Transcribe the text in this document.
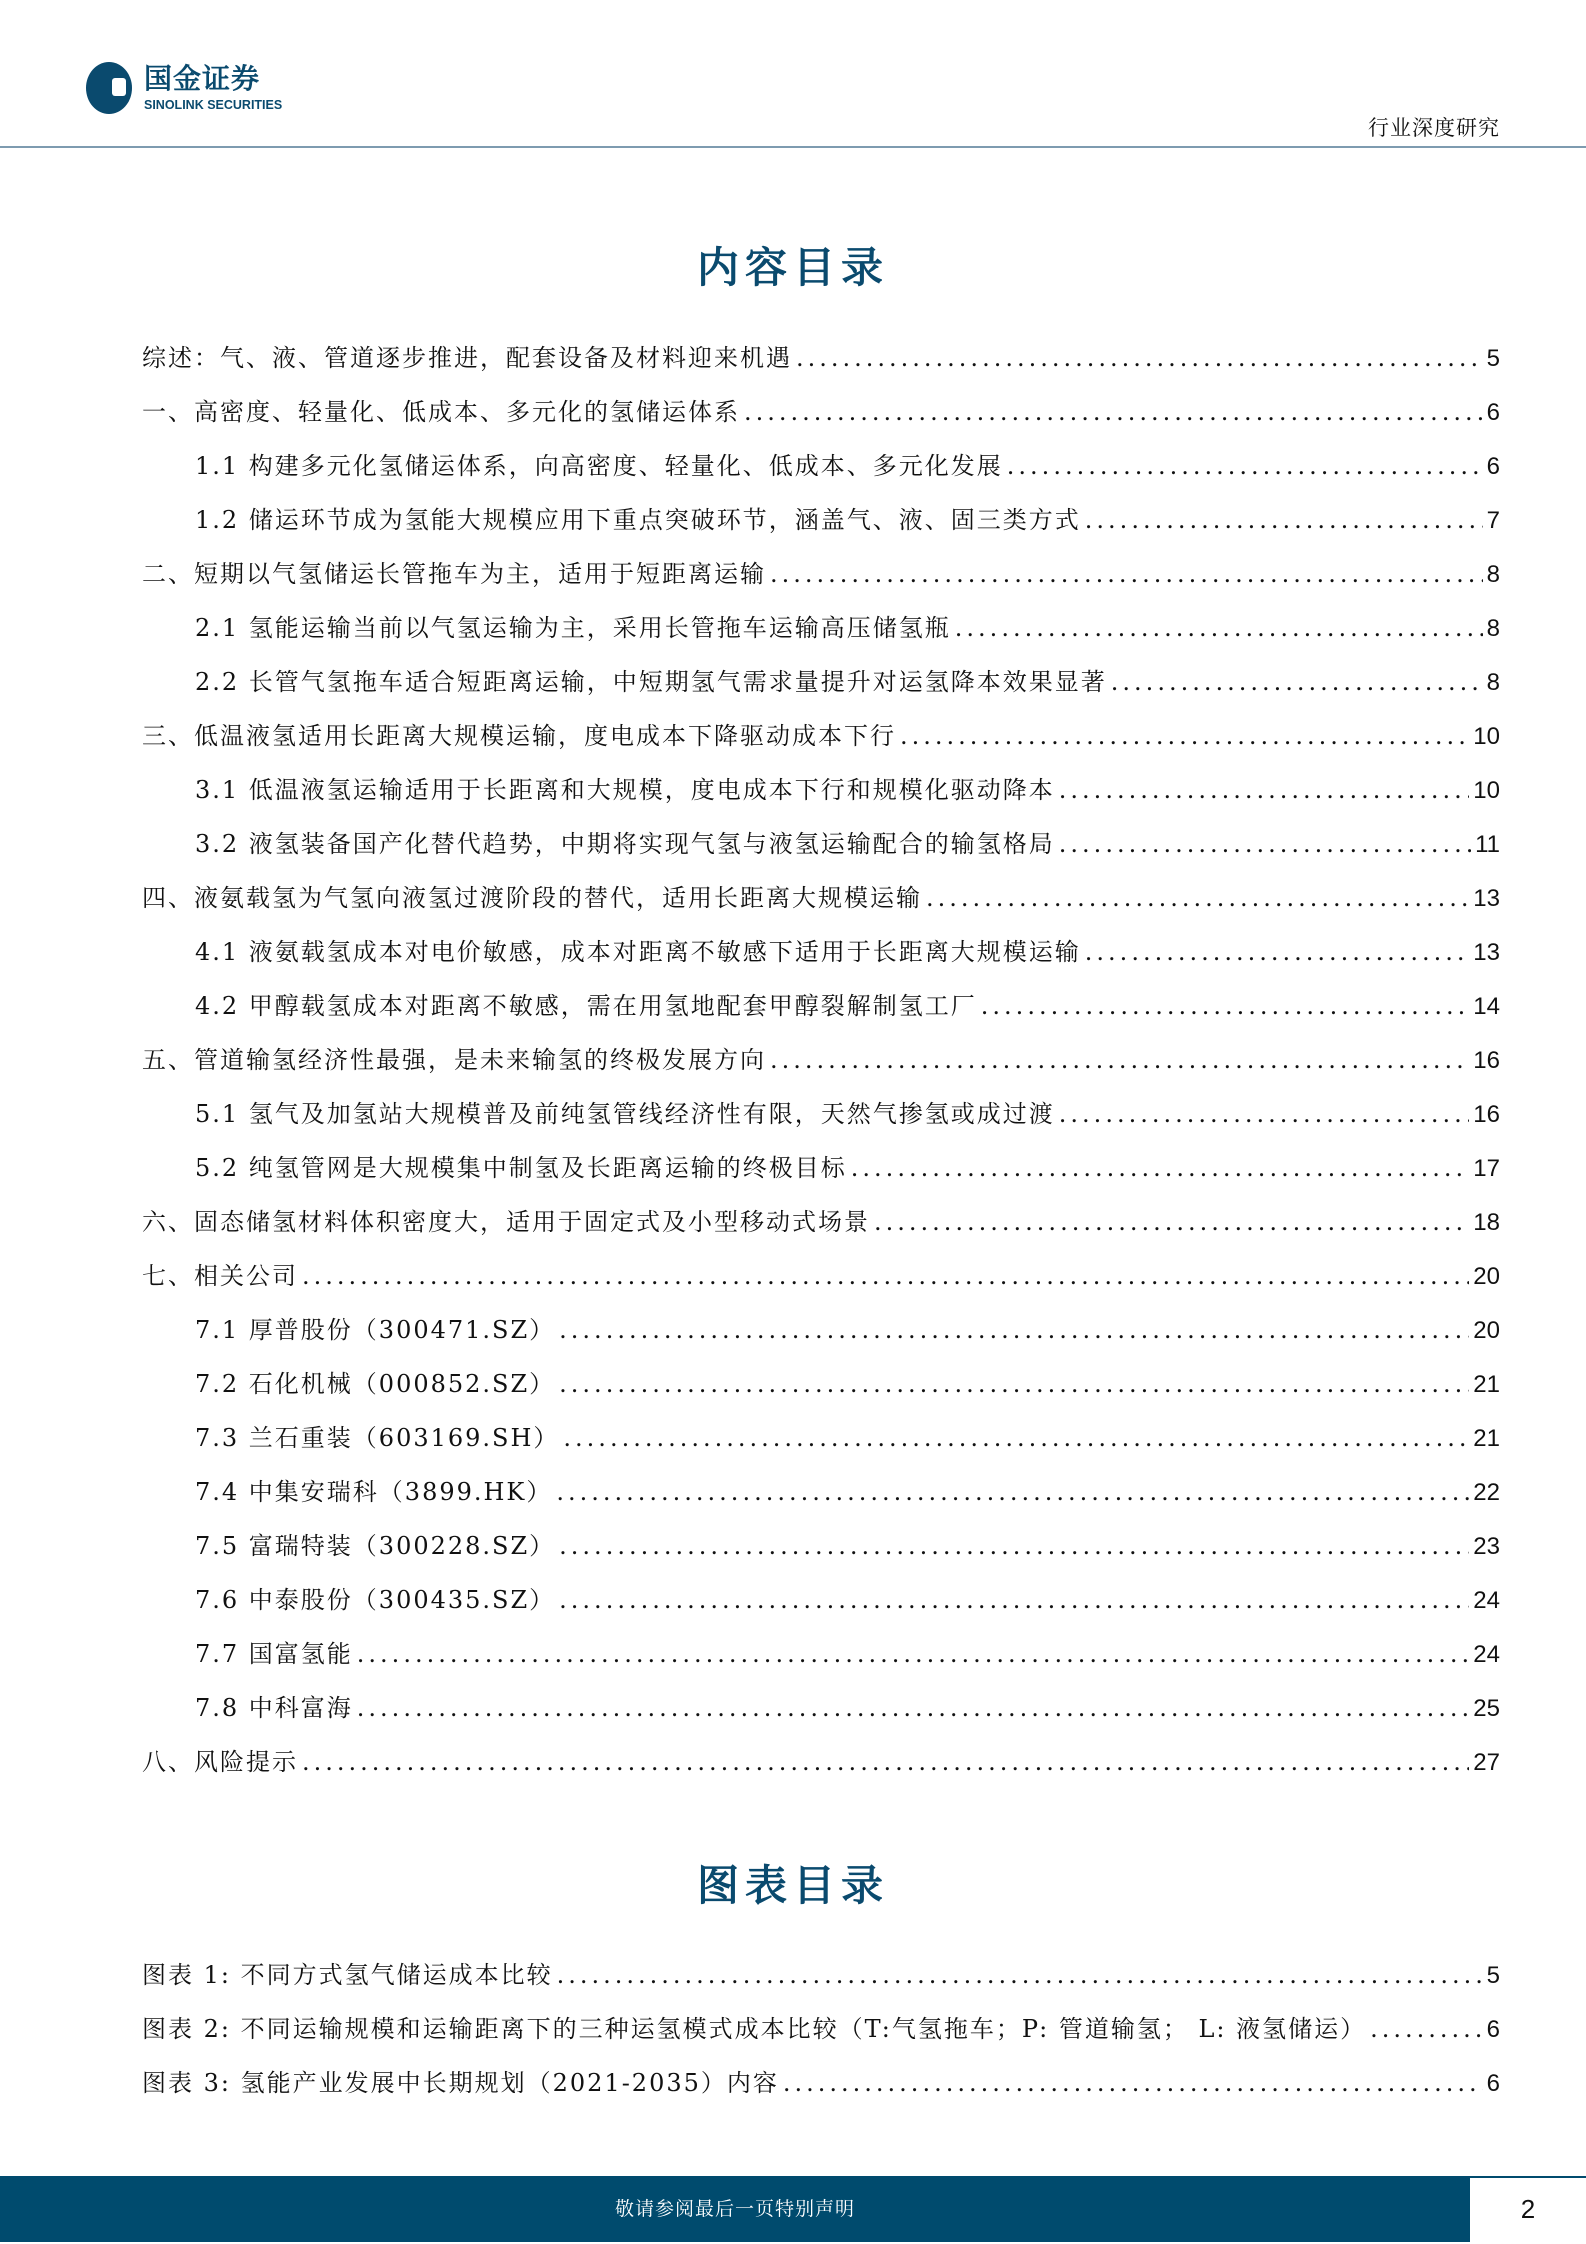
国金证券
SINOLINK SECURITIES
行业深度研究
内容目录
综述：气、液、管道逐步推进，配套设备及材料迎来机遇 .....	5
一、高密度、轻量化、低成本、多元化的氢储运体系 .....	6
1.1 构建多元化氢储运体系，向高密度、轻量化、低成本、多元化发展 .....	6
1.2 储运环节成为氢能大规模应用下重点突破环节，涵盖气、液、固三类方式 .....	7
二、短期以气氢储运长管拖车为主，适用于短距离运输 .....	8
2.1 氢能运输当前以气氢运输为主，采用长管拖车运输高压储氢瓶 .....	8
2.2 长管气氢拖车适合短距离运输，中短期氢气需求量提升对运氢降本效果显著 .....	8
三、低温液氢适用长距离大规模运输，度电成本下降驱动成本下行 .....	10
3.1 低温液氢运输适用于长距离和大规模，度电成本下行和规模化驱动降本 .....	10
3.2 液氢装备国产化替代趋势，中期将实现气氢与液氢运输配合的输氢格局 .....	11
四、液氨载氢为气氢向液氢过渡阶段的替代，适用长距离大规模运输 .....	13
4.1 液氨载氢成本对电价敏感，成本对距离不敏感下适用于长距离大规模运输 .....	13
4.2 甲醇载氢成本对距离不敏感，需在用氢地配套甲醇裂解制氢工厂 .....	14
五、管道输氢经济性最强，是未来输氢的终极发展方向 .....	16
5.1 氢气及加氢站大规模普及前纯氢管线经济性有限，天然气掺氢或成过渡 .....	16
5.2 纯氢管网是大规模集中制氢及长距离运输的终极目标 .....	17
六、固态储氢材料体积密度大，适用于固定式及小型移动式场景 .....	18
七、相关公司 .....	20
7.1 厚普股份（300471.SZ） .....	20
7.2 石化机械（000852.SZ） .....	21
7.3 兰石重装（603169.SH） .....	21
7.4 中集安瑞科（3899.HK） .....	22
7.5 富瑞特装（300228.SZ） .....	23
7.6 中泰股份（300435.SZ） .....	24
7.7 国富氢能 .....	24
7.8 中科富海 .....	25
八、风险提示 .....	27
图表目录
图表 1: 不同方式氢气储运成本比较 .....	5
图表 2: 不同运输规模和运输距离下的三种运氢模式成本比较（T:气氢拖车；P: 管道输氢； L: 液氢储运） .....	6
图表 3: 氢能产业发展中长期规划（2021-2035）内容 .....	6
敬请参阅最后一页特别声明	2
